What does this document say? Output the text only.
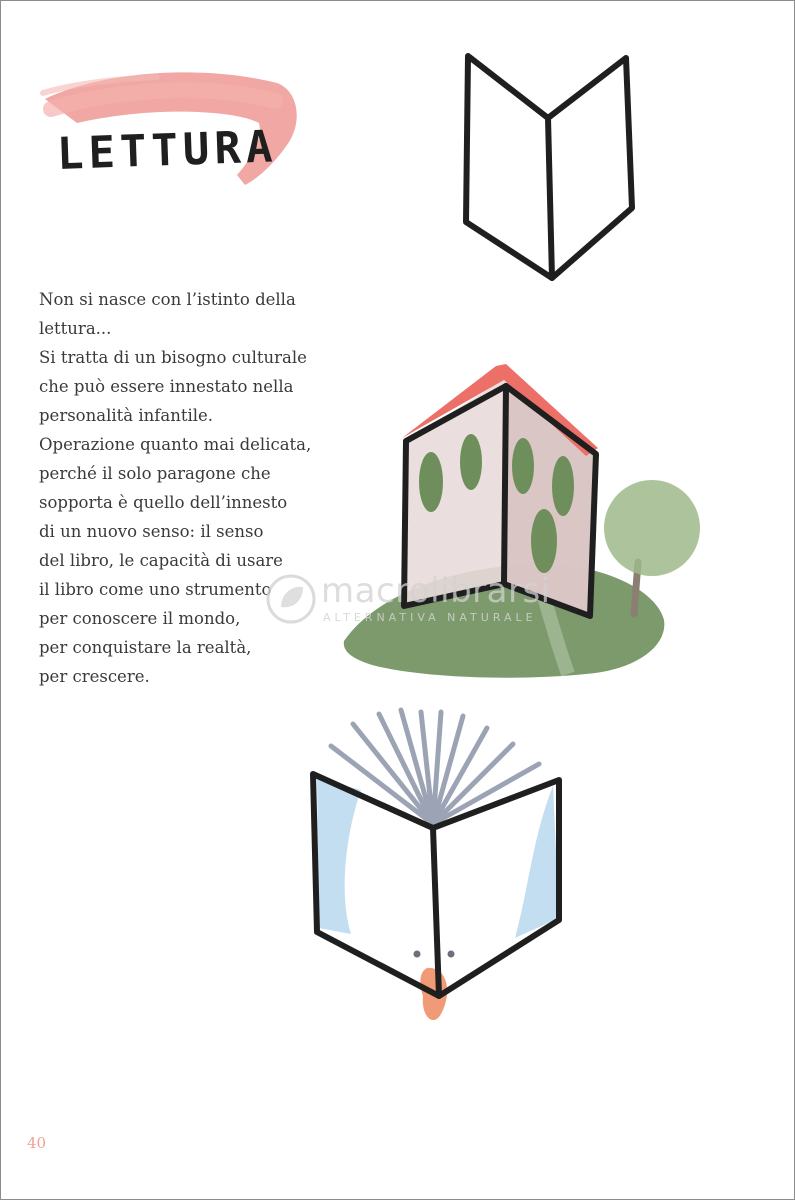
LETTURA
Non si nasce con l’istinto della
lettura...
Si tratta di un bisogno culturale
che può essere innestato nella
personalità infantile.
Operazione quanto mai delicata,
perché il solo paragone che
sopporta è quello dell’innesto
di un nuovo senso: il senso
del libro, le capacità di usare
il libro come uno strumento
per conoscere il mondo,
per conquistare la realtà,
per crescere.
macrolibrarsi
ALTERNATIVA NATURALE
40
